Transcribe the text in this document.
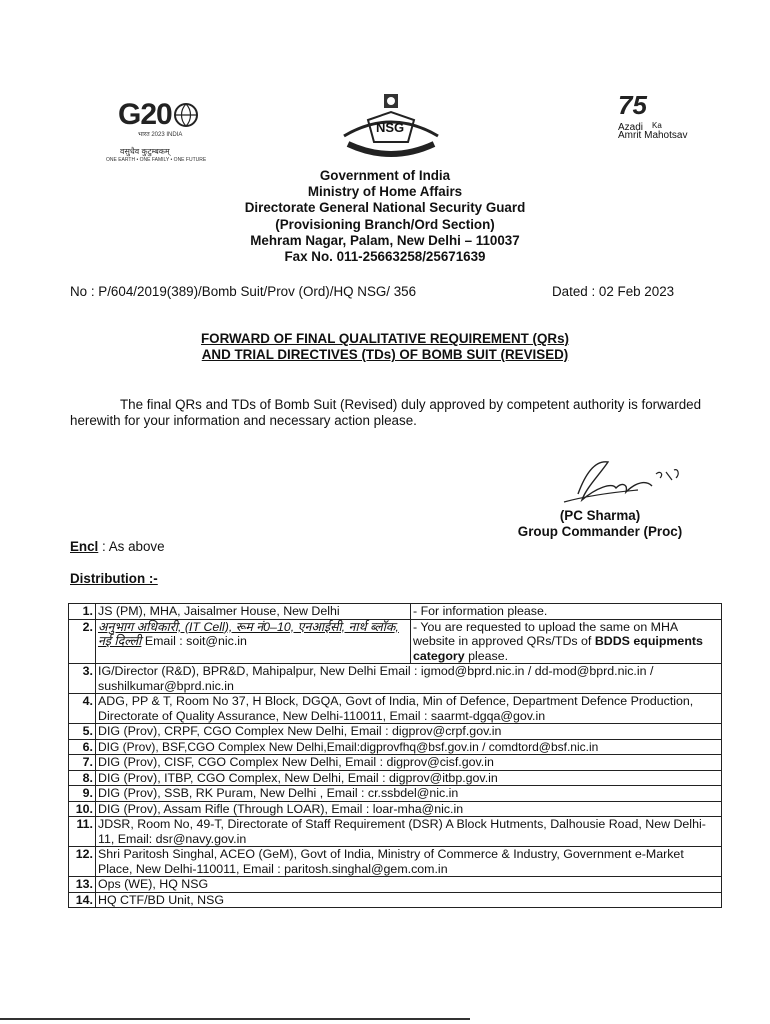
G20
भारत 2023 INDIA
वसुधैव कुटुम्बकम्
ONE EARTH • ONE FAMILY • ONE FUTURE
NSG
75
Azadi	Ka
Amrit Mahotsav
Government of India
Ministry of Home Affairs
Directorate General National Security Guard
(Provisioning Branch/Ord Section)
Mehram Nagar, Palam, New Delhi – 110037
Fax No. 011-25663258/25671639
No : P/604/2019(389)/Bomb Suit/Prov (Ord)/HQ NSG/ 356	Dated : 02 Feb 2023
FORWARD OF FINAL QUALITATIVE REQUIREMENT (QRs)
AND TRIAL DIRECTIVES (TDs) OF BOMB SUIT (REVISED)
The final QRs and TDs of Bomb Suit (Revised) duly approved by competent authority is forwarded herewith for your information and necessary action please.
(PC Sharma)
Group Commander (Proc)
Encl : As above
Distribution :-
1.	JS (PM), MHA, Jaisalmer House, New Delhi	- For information please.
2.	अनुभाग अधिकारी, (IT Cell), रूम नं0–10, एनआईसी, नार्थ ब्लॉक, नई दिल्ली Email : soit@nic.in	- You are requested to upload the same on MHA website in approved QRs/TDs of BDDS equipments category please.
3.	IG/Director (R&D), BPR&D, Mahipalpur, New Delhi Email : igmod@bprd.nic.in / dd-mod@bprd.nic.in / sushilkumar@bprd.nic.in	
4.	ADG, PP & T, Room No 37, H Block, DGQA, Govt of India, Min of Defence, Department Defence Production, Directorate of Quality Assurance, New Delhi-110011, Email : saarmt-dgqa@gov.in	
5.	DIG (Prov), CRPF, CGO Complex New Delhi, Email : digprov@crpf.gov.in	
6.	DIG (Prov), BSF,CGO Complex New Delhi,Email:digprovfhq@bsf.gov.in / comdtord@bsf.nic.in	
7.	DIG (Prov), CISF, CGO Complex New Delhi, Email : digprov@cisf.gov.in	
8.	DIG (Prov), ITBP, CGO Complex, New Delhi, Email : digprov@itbp.gov.in	
9.	DIG (Prov), SSB, RK Puram, New Delhi , Email : cr.ssbdel@nic.in	
10.	DIG (Prov), Assam Rifle (Through LOAR), Email : loar-mha@nic.in	
11.	JDSR, Room No, 49-T, Directorate of Staff Requirement (DSR) A Block Hutments, Dalhousie Road, New Delhi-11, Email: dsr@navy.gov.in	
12.	Shri Paritosh Singhal, ACEO (GeM), Govt of India, Ministry of Commerce & Industry, Government e-Market Place, New Delhi-110011, Email : paritosh.singhal@gem.com.in	
13.	Ops (WE), HQ NSG	
14.	HQ CTF/BD Unit, NSG	
